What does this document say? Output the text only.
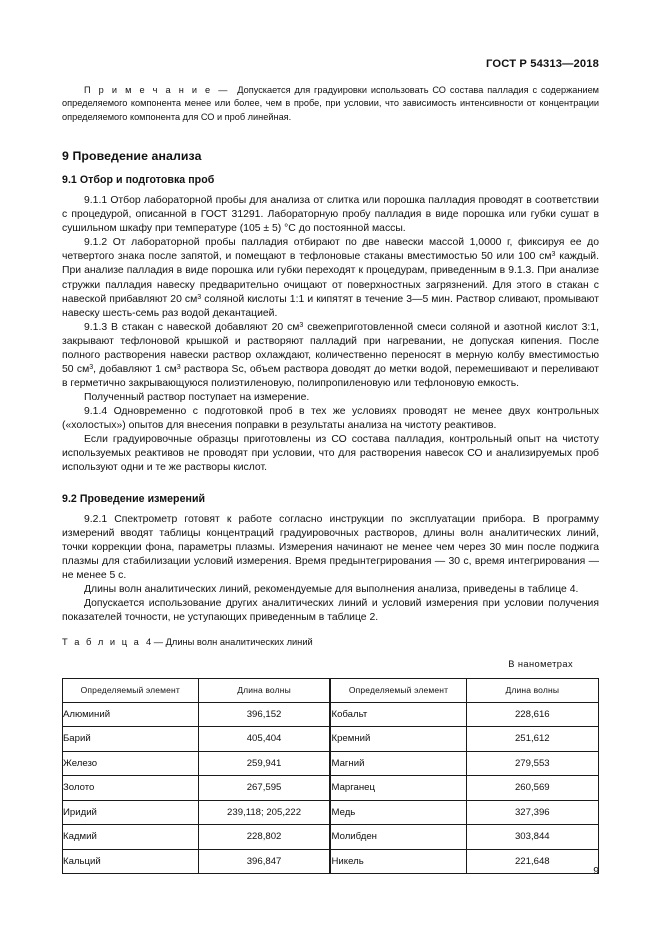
ГОСТ Р 54313—2018

П р и м е ч а н и е — Допускается для градуировки использовать СО состава палладия с содержанием определяемого компонента менее или более, чем в пробе, при условии, что зависимость интенсивности от концентрации определяемого компонента для СО и проб линейная.

9 Проведение анализа
9.1 Отбор и подготовка проб

9.1.1 Отбор лабораторной пробы для анализа от слитка или порошка палладия проводят в соответствии с процедурой, описанной в ГОСТ 31291. Лабораторную пробу палладия в виде порошка или губки сушат в сушильном шкафу при температуре (105 ± 5) °C до постоянной массы.

9.1.2 От лабораторной пробы палладия отбирают по две навески массой 1,0000 г, фиксируя ее до четвертого знака после запятой, и помещают в тефлоновые стаканы вместимостью 50 или 100 $см^3$ каждый. При анализе палладия в виде порошка или губки переходят к процедурам, приведенным в 9.1.3. При анализе стружки палладия навеску предварительно очищают от поверхностных загрязнений. Для этого в стакан с навеской прибавляют 20 $см^3$ соляной кислоты 1:1 и кипятят в течение 3—5 мин. Раствор сливают, промывают навеску шесть-семь раз водой декантацией.

9.1.3 В стакан с навеской добавляют 20 $см^3$ свежеприготовленной смеси соляной и азотной кислот 3:1, закрывают тефлоновой крышкой и растворяют палладий при нагревании, не допуская кипения. После полного растворения навески раствор охлаждают, количественно переносят в мерную колбу вместимостью 50 $см^3$, добавляют 1 $см^3$ раствора Sc, объем раствора доводят до метки водой, перемешивают и переливают в герметично закрывающуюся полиэтиленовую, полипропиленовую или тефлоновую емкость.

Полученный раствор поступает на измерение.

9.1.4 Одновременно с подготовкой проб в тех же условиях проводят не менее двух контрольных («холостых») опытов для внесения поправки в результаты анализа на чистоту реактивов.

Если градуировочные образцы приготовлены из СО состава палладия, контрольный опыт на чистоту используемых реактивов не проводят при условии, что для растворения навесок СО и анализируемых проб используют одни и те же растворы кислот.

9.2 Проведение измерений

9.2.1 Спектрометр готовят к работе согласно инструкции по эксплуатации прибора. В программу измерений вводят таблицы концентраций градуировочных растворов, длины волн аналитических линий, точки коррекции фона, параметры плазмы. Измерения начинают не менее чем через 30 мин после поджига плазмы для стабилизации условий измерения. Время предынтегрирования — 30 с, время интегрирования — не менее 5 с.

Длины волн аналитических линий, рекомендуемые для выполнения анализа, приведены в таблице 4.

Допускается использование других аналитических линий и условий измерения при условии получения показателей точности, не уступающих приведенным в таблице 2.

Т а б л и ц а 4 — Длины волн аналитических линий
В нанометрах
Определяемый элемент	Длина волны	Определяемый элемент	Длина волны
Алюминий	396,152	Кобальт	228,616
Барий	405,404	Кремний	251,612
Железо	259,941	Магний	279,553
Золото	267,595	Марганец	260,569
Иридий	239,118; 205,222	Медь	327,396
Кадмий	228,802	Молибден	303,844
Кальций	396,847	Никель	221,648
9
